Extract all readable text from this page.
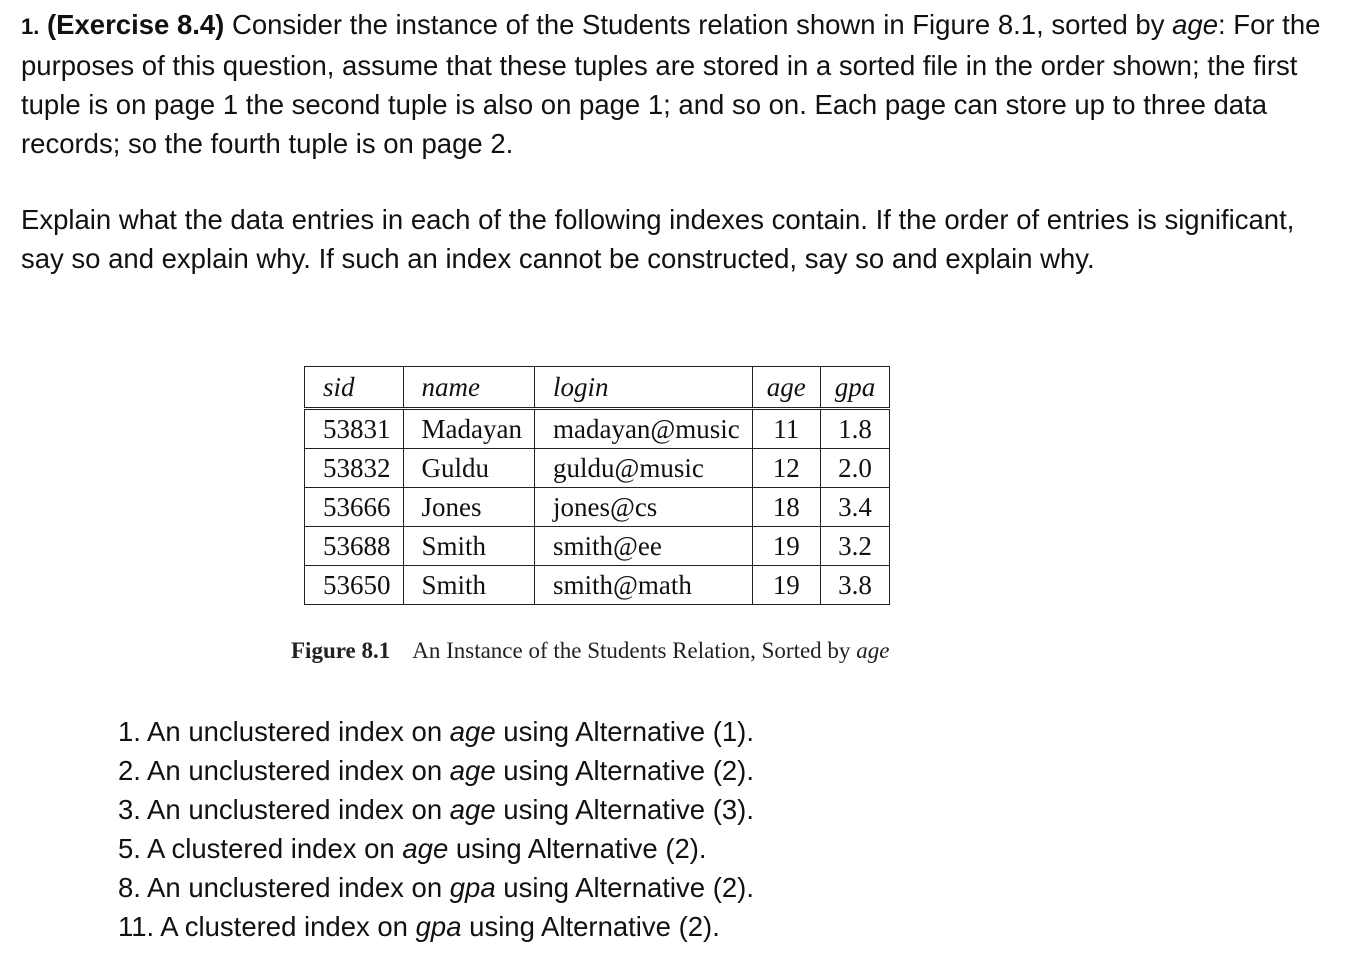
1. (Exercise 8.4) Consider the instance of the Students relation shown in Figure 8.1, sorted by age: For the purposes of this question, assume that these tuples are stored in a sorted file in the order shown; the first tuple is on page 1 the second tuple is also on page 1; and so on. Each page can store up to three data records; so the fourth tuple is on page 2.

Explain what the data entries in each of the following indexes contain. If the order of entries is significant, say so and explain why. If such an index cannot be constructed, say so and explain why.

sid	name	login	age	gpa
53831	Madayan	madayan@music	11	1.8
53832	Guldu	guldu@music	12	2.0
53666	Jones	jones@cs	18	3.4
53688	Smith	smith@ee	19	3.2
53650	Smith	smith@math	19	3.8
Figure 8.1 An Instance of the Students Relation, Sorted by age

1. An unclustered index on age using Alternative (1).

2. An unclustered index on age using Alternative (2).

3. An unclustered index on age using Alternative (3).

5. A clustered index on age using Alternative (2).

8. An unclustered index on gpa using Alternative (2).

11. A clustered index on gpa using Alternative (2).
